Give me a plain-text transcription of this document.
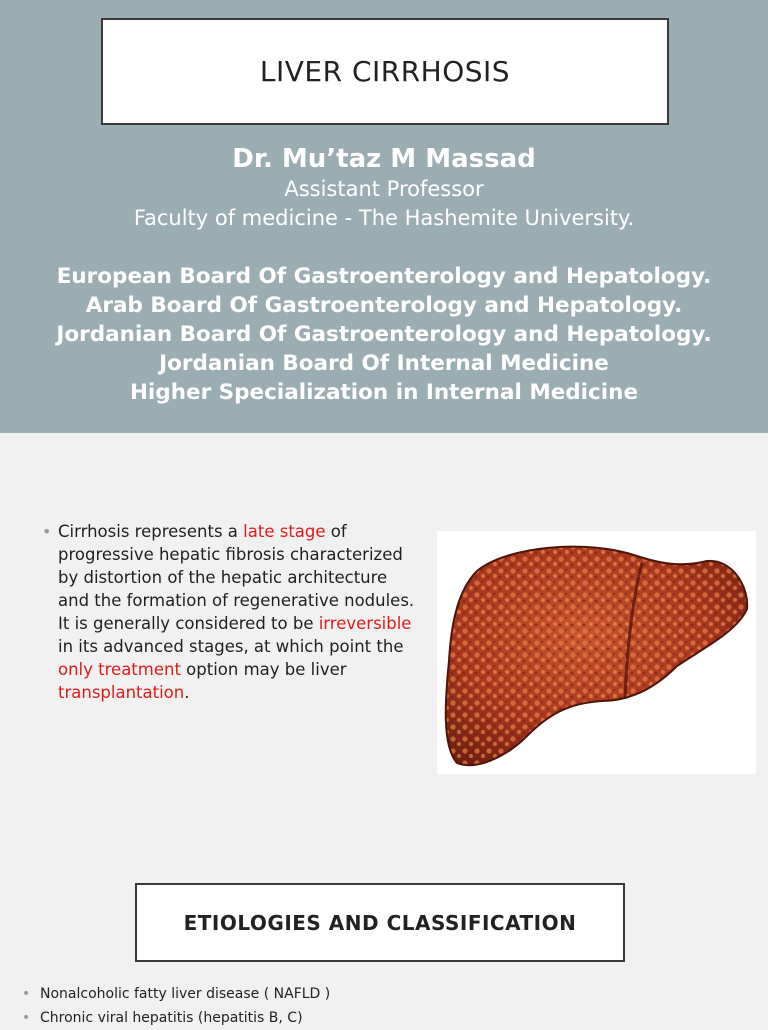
LIVER CIRRHOSIS
Dr. Mu’taz M Massad
Assistant Professor
Faculty of medicine - The Hashemite University.
European Board Of Gastroenterology and Hepatology.
Arab Board Of Gastroenterology and Hepatology.
Jordanian Board Of Gastroenterology and Hepatology.
Jordanian Board Of Internal Medicine
Higher Specialization in Internal Medicine
• Cirrhosis represents a late stage of progressive hepatic fibrosis characterized by distortion of the hepatic architecture and the formation of regenerative nodules. It is generally considered to be irreversible in its advanced stages, at which point the only treatment option may be liver transplantation.
ETIOLOGIES AND CLASSIFICATION
• Nonalcoholic fatty liver disease ( NAFLD )
• Chronic viral hepatitis (hepatitis B, C)
